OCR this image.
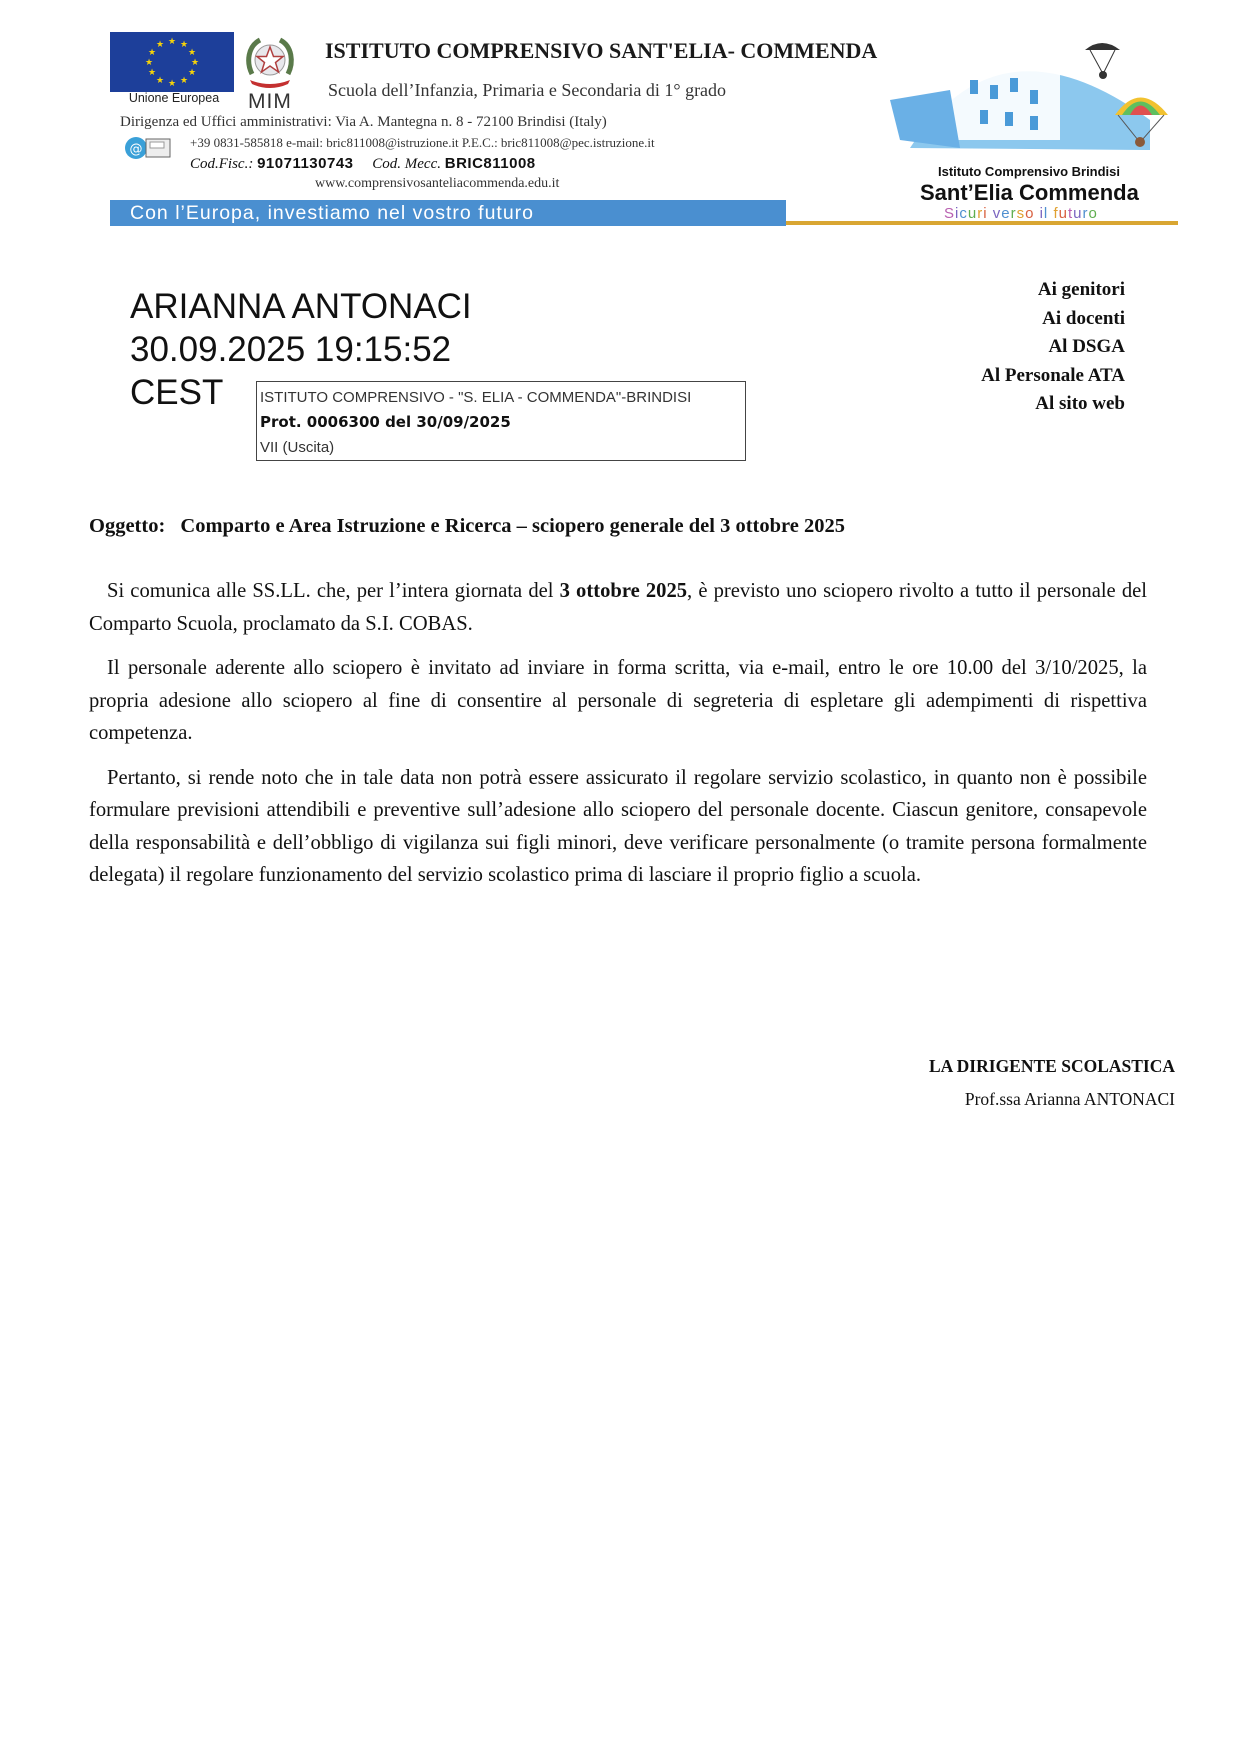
★ ★
★
★
★
★
★
★
★
★
★
★
Unione Europea	MIM
ISTITUTO COMPRENSIVO SANT'ELIA- COMMENDA
Scuola dell’Infanzia, Primaria e Secondaria di 1° grado
Dirigenza ed Uffici amministrativi: Via A. Mantegna n. 8 - 72100 Brindisi (Italy)
@	+39 0831-585818 e-mail: bric811008@istruzione.it P.E.C.: bric811008@pec.istruzione.it
Cod.Fisc.: 91071130743 Cod. Mecc. BRIC811008
www.comprensivosanteliacommenda.edu.it
Con l’Europa, investiamo nel vostro futuro
Istituto Comprensivo Brindisi
Sant’Elia Commenda
Sicuri verso il futuro
ARIANNA ANTONACI
30.09.2025 19:15:52
CEST	ISTITUTO COMPRENSIVO - "S. ELIA - COMMENDA"-BRINDISI
Prot. 0006300 del 30/09/2025
VII (Uscita)
Ai genitori
Ai docenti
Al DSGA
Al Personale ATA
Al sito web
Oggetto: Comparto e Area Istruzione e Ricerca – sciopero generale del 3 ottobre 2025

Si comunica alle SS.LL. che, per l’intera giornata del 3 ottobre 2025, è previsto uno sciopero rivolto a tutto il personale del Comparto Scuola, proclamato da S.I. COBAS.

Il personale aderente allo sciopero è invitato ad inviare in forma scritta, via e-mail, entro le ore 10.00 del 3/10/2025, la propria adesione allo sciopero al fine di consentire al personale di segreteria di espletare gli adempimenti di rispettiva competenza.

Pertanto, si rende noto che in tale data non potrà essere assicurato il regolare servizio scolastico, in quanto non è possibile formulare previsioni attendibili e preventive sull’adesione allo sciopero del personale docente. Ciascun genitore, consapevole della responsabilità e dell’obbligo di vigilanza sui figli minori, deve verificare personalmente (o tramite persona formalmente delegata) il regolare funzionamento del servizio scolastico prima di lasciare il proprio figlio a scuola.

LA DIRIGENTE SCOLASTICA
Prof.ssa Arianna ANTONACI
